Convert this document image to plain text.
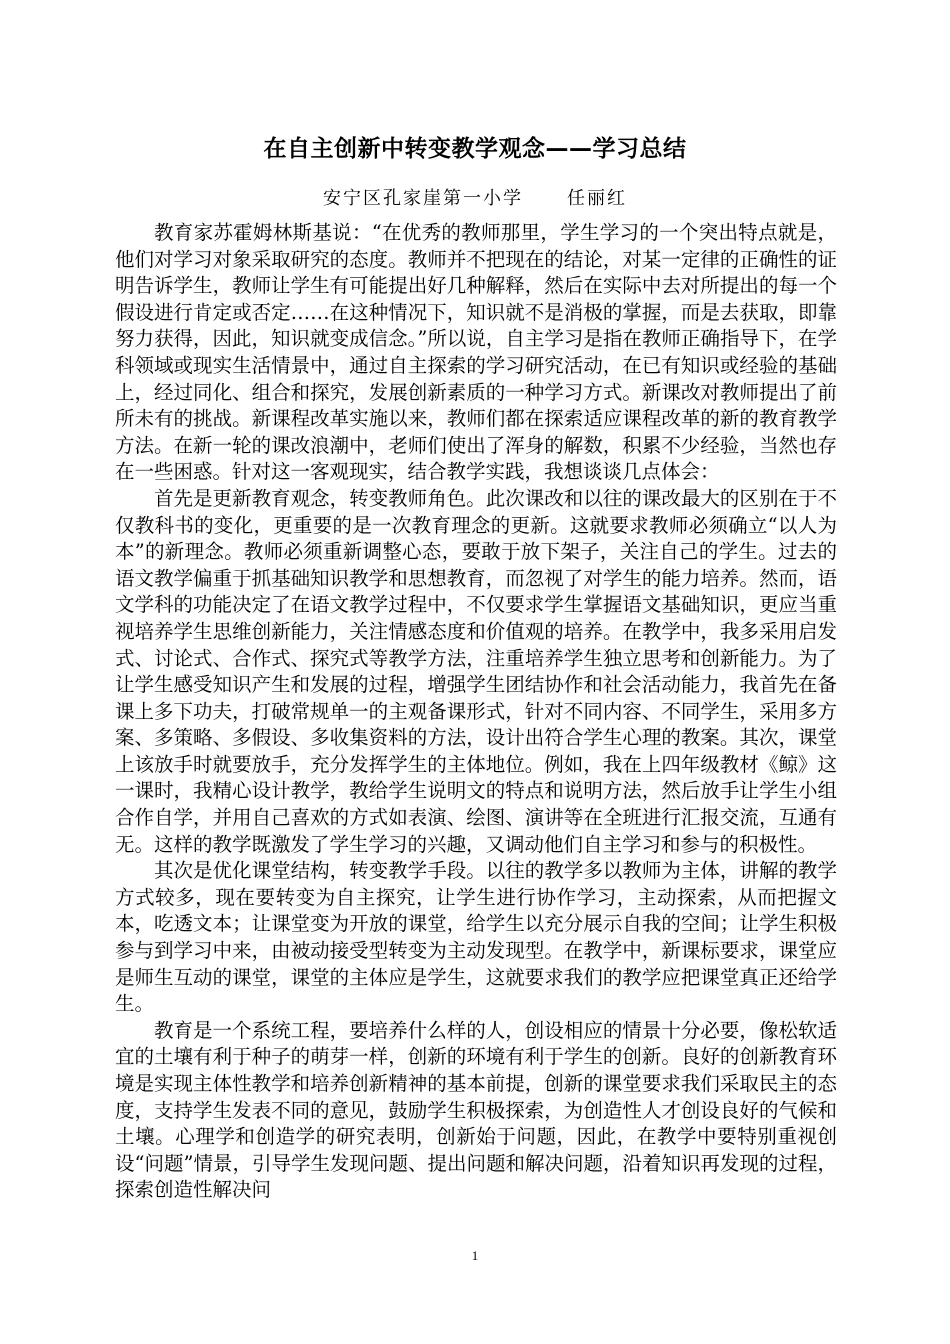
在自主创新中转变教学观念——学习总结
安宁区孔家崖第一小学 任丽红

教育家苏霍姆林斯基说：“在优秀的教师那里，学生学习的一个突出特点就是，他们对学习对象采取研究的态度。教师并不把现在的结论，对某一定律的正确性的证明告诉学生，教师让学生有可能提出好几种解释，然后在实际中去对所提出的每一个假设进行肯定或否定……在这种情况下，知识就不是消极的掌握，而是去获取，即靠努力获得，因此，知识就变成信念。”所以说，自主学习是指在教师正确指导下，在学科领域或现实生活情景中，通过自主探索的学习研究活动，在已有知识或经验的基础上，经过同化、组合和探究，发展创新素质的一种学习方式。新课改对教师提出了前所未有的挑战。新课程改革实施以来，教师们都在探索适应课程改革的新的教育教学方法。在新一轮的课改浪潮中，老师们使出了浑身的解数，积累不少经验，当然也存在一些困惑。针对这一客观现实，结合教学实践，我想谈谈几点体会：

首先是更新教育观念，转变教师角色。此次课改和以往的课改最大的区别在于不仅教科书的变化，更重要的是一次教育理念的更新。这就要求教师必须确立“以人为本”的新理念。教师必须重新调整心态，要敢于放下架子，关注自己的学生。过去的语文教学偏重于抓基础知识教学和思想教育，而忽视了对学生的能力培养。然而，语文学科的功能决定了在语文教学过程中，不仅要求学生掌握语文基础知识，更应当重视培养学生思维创新能力，关注情感态度和价值观的培养。在教学中，我多采用启发式、讨论式、合作式、探究式等教学方法，注重培养学生独立思考和创新能力。为了让学生感受知识产生和发展的过程，增强学生团结协作和社会活动能力，我首先在备课上多下功夫，打破常规单一的主观备课形式，针对不同内容、不同学生，采用多方案、多策略、多假设、多收集资料的方法，设计出符合学生心理的教案。其次，课堂上该放手时就要放手，充分发挥学生的主体地位。例如，我在上四年级教材《鲸》这一课时，我精心设计教学，教给学生说明文的特点和说明方法，然后放手让学生小组合作自学，并用自己喜欢的方式如表演、绘图、演讲等在全班进行汇报交流，互通有无。这样的教学既激发了学生学习的兴趣，又调动他们自主学习和参与的积极性。

其次是优化课堂结构，转变教学手段。以往的教学多以教师为主体，讲解的教学方式较多，现在要转变为自主探究，让学生进行协作学习，主动探索，从而把握文本，吃透文本；让课堂变为开放的课堂，给学生以充分展示自我的空间；让学生积极参与到学习中来，由被动接受型转变为主动发现型。在教学中，新课标要求，课堂应是师生互动的课堂，课堂的主体应是学生，这就要求我们的教学应把课堂真正还给学生。

教育是一个系统工程，要培养什么样的人，创设相应的情景十分必要，像松软适宜的土壤有利于种子的萌芽一样，创新的环境有利于学生的创新。良好的创新教育环境是实现主体性教学和培养创新精神的基本前提，创新的课堂要求我们采取民主的态度，支持学生发表不同的意见，鼓励学生积极探索，为创造性人才创设良好的气候和土壤。心理学和创造学的研究表明，创新始于问题，因此，在教学中要特别重视创设“问题”情景，引导学生发现问题、提出问题和解决问题，沿着知识再发现的过程，探索创造性解决问

1
